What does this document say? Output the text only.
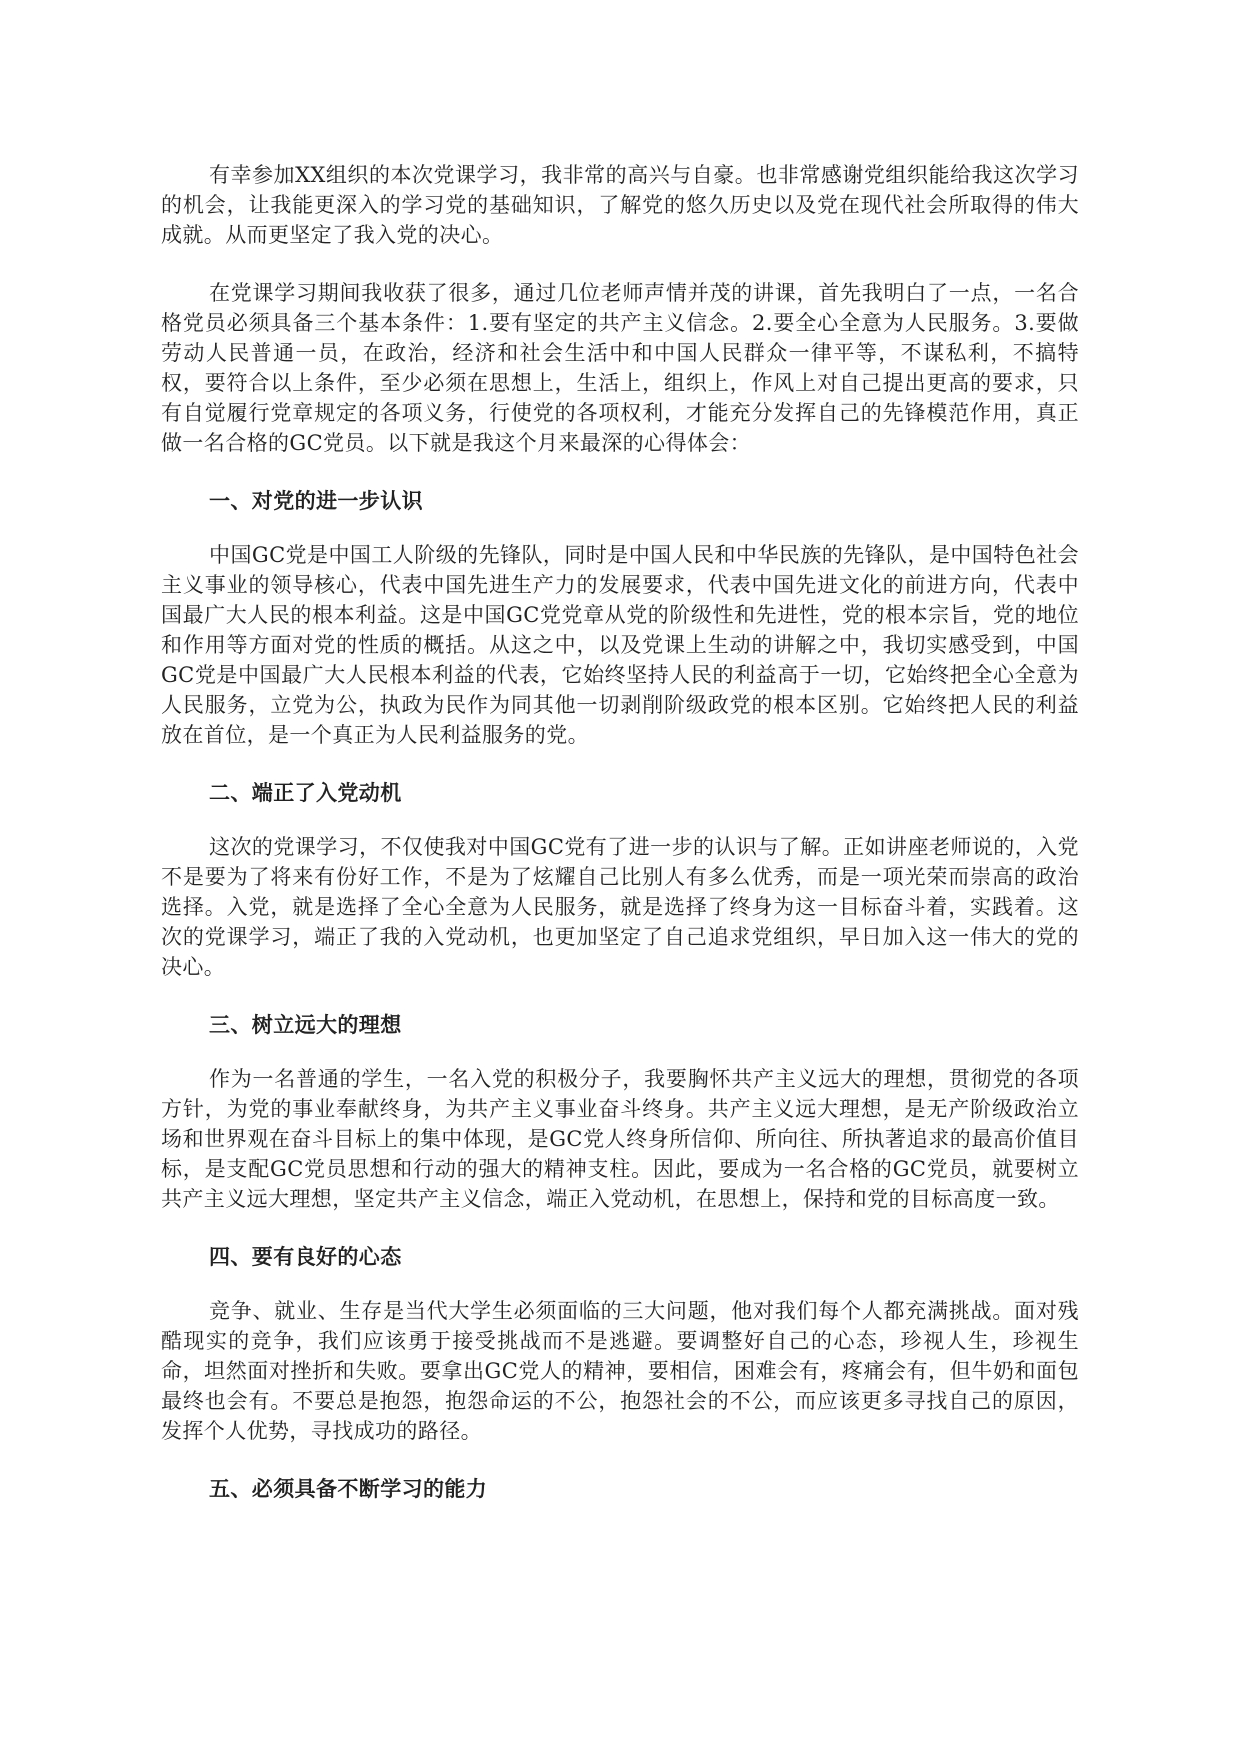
有幸参加XX组织的本次党课学习，我非常的高兴与自豪。也非常感谢党组织能给我这次学习的机会，让我能更深入的学习党的基础知识，了解党的悠久历史以及党在现代社会所取得的伟大成就。从而更坚定了我入党的决心。

在党课学习期间我收获了很多，通过几位老师声情并茂的讲课，首先我明白了一点，一名合格党员必须具备三个基本条件：1.要有坚定的共产主义信念。2.要全心全意为人民服务。3.要做劳动人民普通一员，在政治，经济和社会生活中和中国人民群众一律平等，不谋私利，不搞特权，要符合以上条件，至少必须在思想上，生活上，组织上，作风上对自己提出更高的要求，只有自觉履行党章规定的各项义务，行使党的各项权利，才能充分发挥自己的先锋模范作用，真正做一名合格的GC党员。以下就是我这个月来最深的心得体会：

一、对党的进一步认识

中国GC党是中国工人阶级的先锋队，同时是中国人民和中华民族的先锋队，是中国特色社会主义事业的领导核心，代表中国先进生产力的发展要求，代表中国先进文化的前进方向，代表中国最广大人民的根本利益。这是中国GC党党章从党的阶级性和先进性，党的根本宗旨，党的地位和作用等方面对党的性质的概括。从这之中，以及党课上生动的讲解之中，我切实感受到，中国GC党是中国最广大人民根本利益的代表，它始终坚持人民的利益高于一切，它始终把全心全意为人民服务，立党为公，执政为民作为同其他一切剥削阶级政党的根本区别。它始终把人民的利益放在首位，是一个真正为人民利益服务的党。

二、端正了入党动机

这次的党课学习，不仅使我对中国GC党有了进一步的认识与了解。正如讲座老师说的，入党不是要为了将来有份好工作，不是为了炫耀自己比别人有多么优秀，而是一项光荣而崇高的政治选择。入党，就是选择了全心全意为人民服务，就是选择了终身为这一目标奋斗着，实践着。这次的党课学习，端正了我的入党动机，也更加坚定了自己追求党组织，早日加入这一伟大的党的决心。

三、树立远大的理想

作为一名普通的学生，一名入党的积极分子，我要胸怀共产主义远大的理想，贯彻党的各项方针，为党的事业奉献终身，为共产主义事业奋斗终身。共产主义远大理想，是无产阶级政治立场和世界观在奋斗目标上的集中体现，是GC党人终身所信仰、所向往、所执著追求的最高价值目标，是支配GC党员思想和行动的强大的精神支柱。因此，要成为一名合格的GC党员，就要树立共产主义远大理想，坚定共产主义信念，端正入党动机，在思想上，保持和党的目标高度一致。

四、要有良好的心态

竞争、就业、生存是当代大学生必须面临的三大问题，他对我们每个人都充满挑战。面对残酷现实的竞争，我们应该勇于接受挑战而不是逃避。要调整好自己的心态，珍视人生，珍视生命，坦然面对挫折和失败。要拿出GC党人的精神，要相信，困难会有，疼痛会有，但牛奶和面包最终也会有。不要总是抱怨，抱怨命运的不公，抱怨社会的不公，而应该更多寻找自己的原因，发挥个人优势，寻找成功的路径。

五、必须具备不断学习的能力
